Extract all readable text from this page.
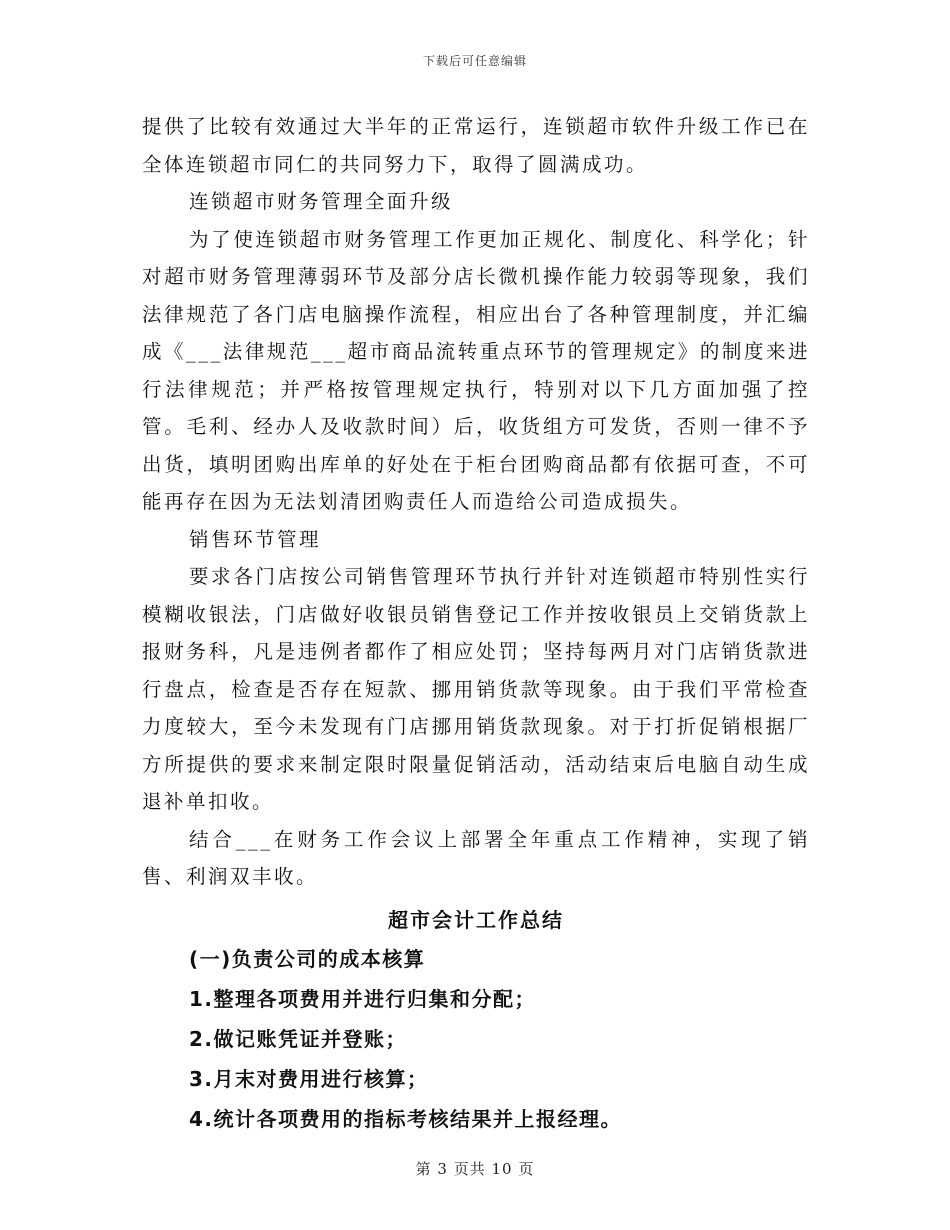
下载后可任意编辑

提供了比较有效通过大半年的正常运行，连锁超市软件升级工作已在全体连锁超市同仁的共同努力下，取得了圆满成功。

连锁超市财务管理全面升级

为了使连锁超市财务管理工作更加正规化、制度化、科学化；针对超市财务管理薄弱环节及部分店长微机操作能力较弱等现象，我们法律规范了各门店电脑操作流程，相应出台了各种管理制度，并汇编成《___法律规范___超市商品流转重点环节的管理规定》的制度来进行法律规范；并严格按管理规定执行，特别对以下几方面加强了控管。毛利、经办人及收款时间）后，收货组方可发货，否则一律不予出货，填明团购出库单的好处在于柜台团购商品都有依据可查，不可能再存在因为无法划清团购责任人而造给公司造成损失。

销售环节管理

要求各门店按公司销售管理环节执行并针对连锁超市特别性实行模糊收银法，门店做好收银员销售登记工作并按收银员上交销货款上报财务科，凡是违例者都作了相应处罚；坚持每两月对门店销货款进行盘点，检查是否存在短款、挪用销货款等现象。由于我们平常检查力度较大，至今未发现有门店挪用销货款现象。对于打折促销根据厂方所提供的要求来制定限时限量促销活动，活动结束后电脑自动生成退补单扣收。

结合___在财务工作会议上部署全年重点工作精神，实现了销售、利润双丰收。

超市会计工作总结

(一)负责公司的成本核算

1.整理各项费用并进行归集和分配；

2.做记账凭证并登账；

3.月末对费用进行核算；

4.统计各项费用的指标考核结果并上报经理。

第 3 页共 10 页
